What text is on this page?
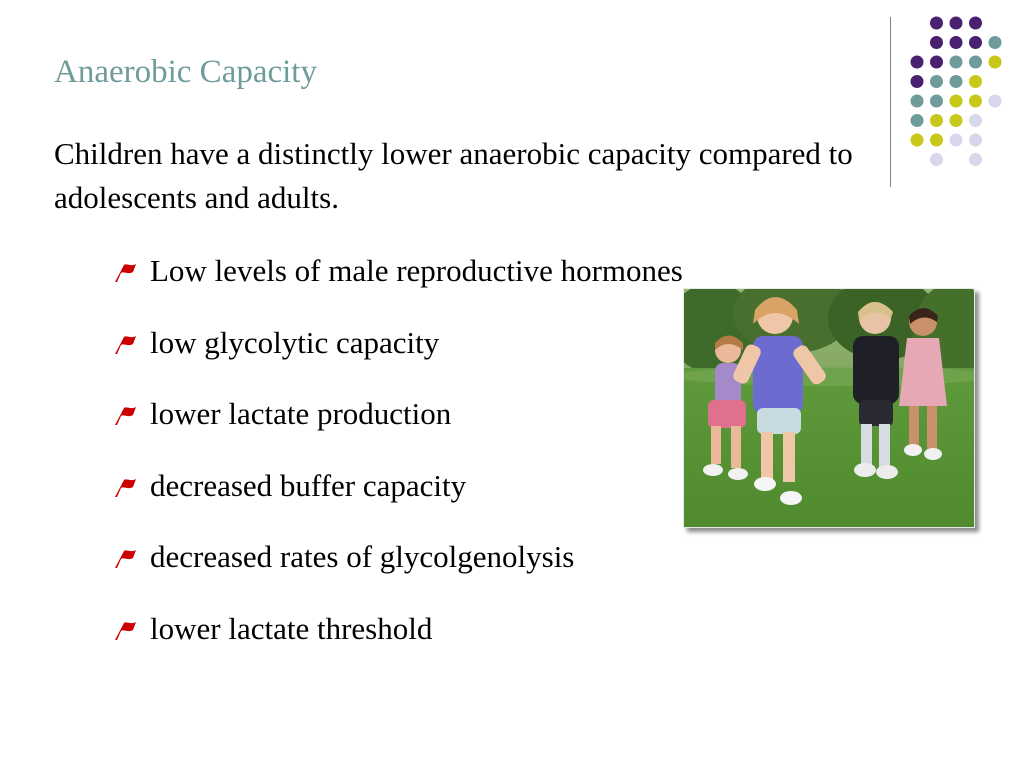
Anaerobic Capacity
Children have a distinctly lower anaerobic capacity compared to adolescents and adults.
Low levels of male reproductive hormones
low glycolytic capacity
lower lactate production
decreased buffer capacity
decreased rates of glycolgenolysis
lower lactate threshold
